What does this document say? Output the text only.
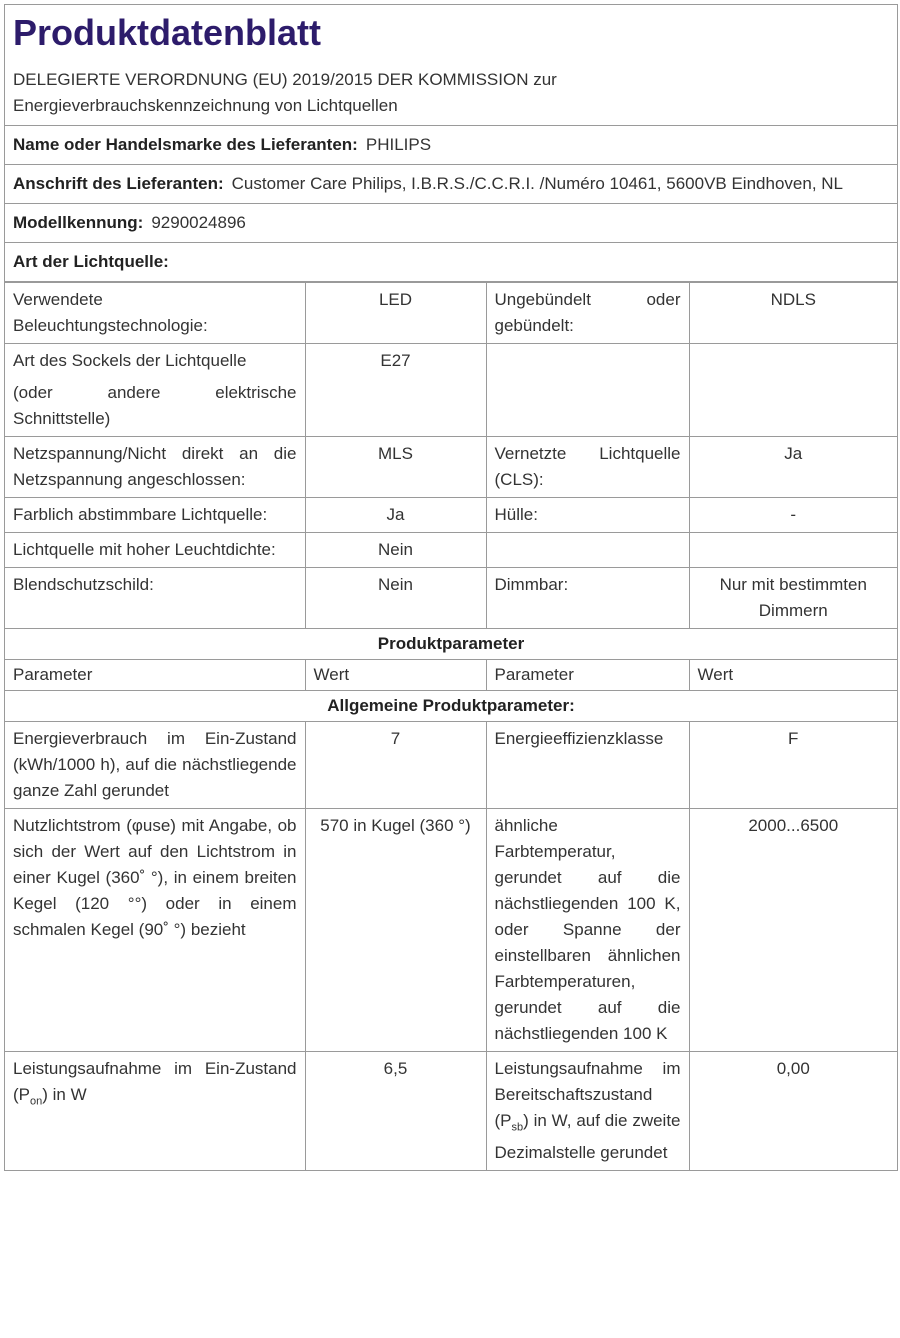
Produktdatenblatt
DELEGIERTE VERORDNUNG (EU) 2019/2015 DER KOMMISSION zur
Energieverbrauchskennzeichnung von Lichtquellen
Name oder Handelsmarke des Lieferanten: PHILIPS
Anschrift des Lieferanten: Customer Care Philips, I.B.R.S./C.C.R.I. /Numéro 10461, 5600VB Eindhoven, NL
Modellkennung: 9290024896
Art der Lichtquelle:
Verwendete Beleuchtungstechnologie:	LED	Ungebündelt oder gebündelt:	NDLS

Art des Sockels der Lichtquelle
(oder andere elektrische Schnittstelle)	E27		
Netzspannung/Nicht direkt an die Netzspannung angeschlossen:	MLS	Vernetzte Lichtquelle (CLS):	Ja
Farblich abstimmbare Lichtquelle:	Ja	Hülle:	-
Lichtquelle mit hoher Leuchtdichte:	Nein		
Blendschutzschild:	Nein	Dimmbar:	Nur mit bestimmten Dimmern
Produktparameter			
Parameter	Wert	Parameter	Wert
Allgemeine Produktparameter:			
Energieverbrauch im Ein-Zustand (kWh/1000 h), auf die nächstliegende ganze Zahl gerundet	7	Energieeffizienzklasse	F
Nutzlichtstrom (φuse) mit Angabe, ob sich der Wert auf den Lichtstrom in einer Kugel (360˚ °), in einem breiten Kegel (120 °°) oder in einem schmalen Kegel (90˚ °) bezieht	570 in Kugel (360 °)	ähnliche Farbtemperatur, gerundet auf die nächstliegenden 100 K, oder Spanne der einstellbaren ähnlichen Farbtemperaturen, gerundet auf die nächstliegenden 100 K	2000...6500
Leistungsaufnahme im Ein-Zustand $(P_{on})$ in W	6,5	Leistungsaufnahme im Bereitschaftszustand $(P_{sb})$ in W, auf die zweite Dezimalstelle gerundet	0,00
